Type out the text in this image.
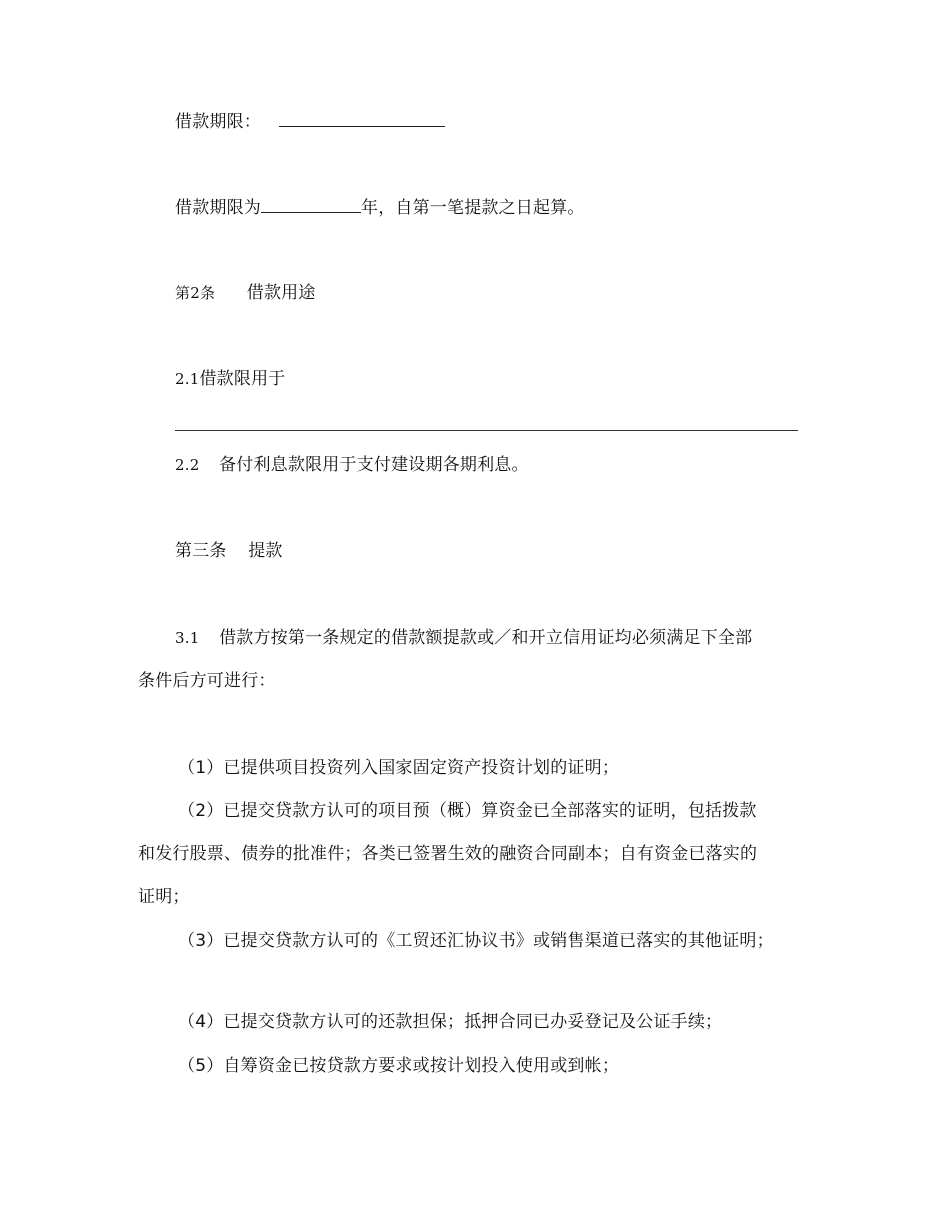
借款期限：
借款期限为	年，自第一笔提款之日起算。
第2条 借款用途
2.1借款限用于
2.2 备付利息款限用于支付建设期各期利息。
第三条 提款
3.1 借款方按第一条规定的借款额提款或／和开立信用证均必须满足下全部
条件后方可进行：
（1）已提供项目投资列入国家固定资产投资计划的证明；
（2）已提交贷款方认可的项目预（概）算资金已全部落实的证明，包括拨款
和发行股票、债券的批准件；各类已签署生效的融资合同副本；自有资金已落实的
证明；
（3）已提交贷款方认可的《工贸还汇协议书》或销售渠道已落实的其他证明；
（4）已提交贷款方认可的还款担保；抵押合同已办妥登记及公证手续；
（5）自筹资金已按贷款方要求或按计划投入使用或到帐；
